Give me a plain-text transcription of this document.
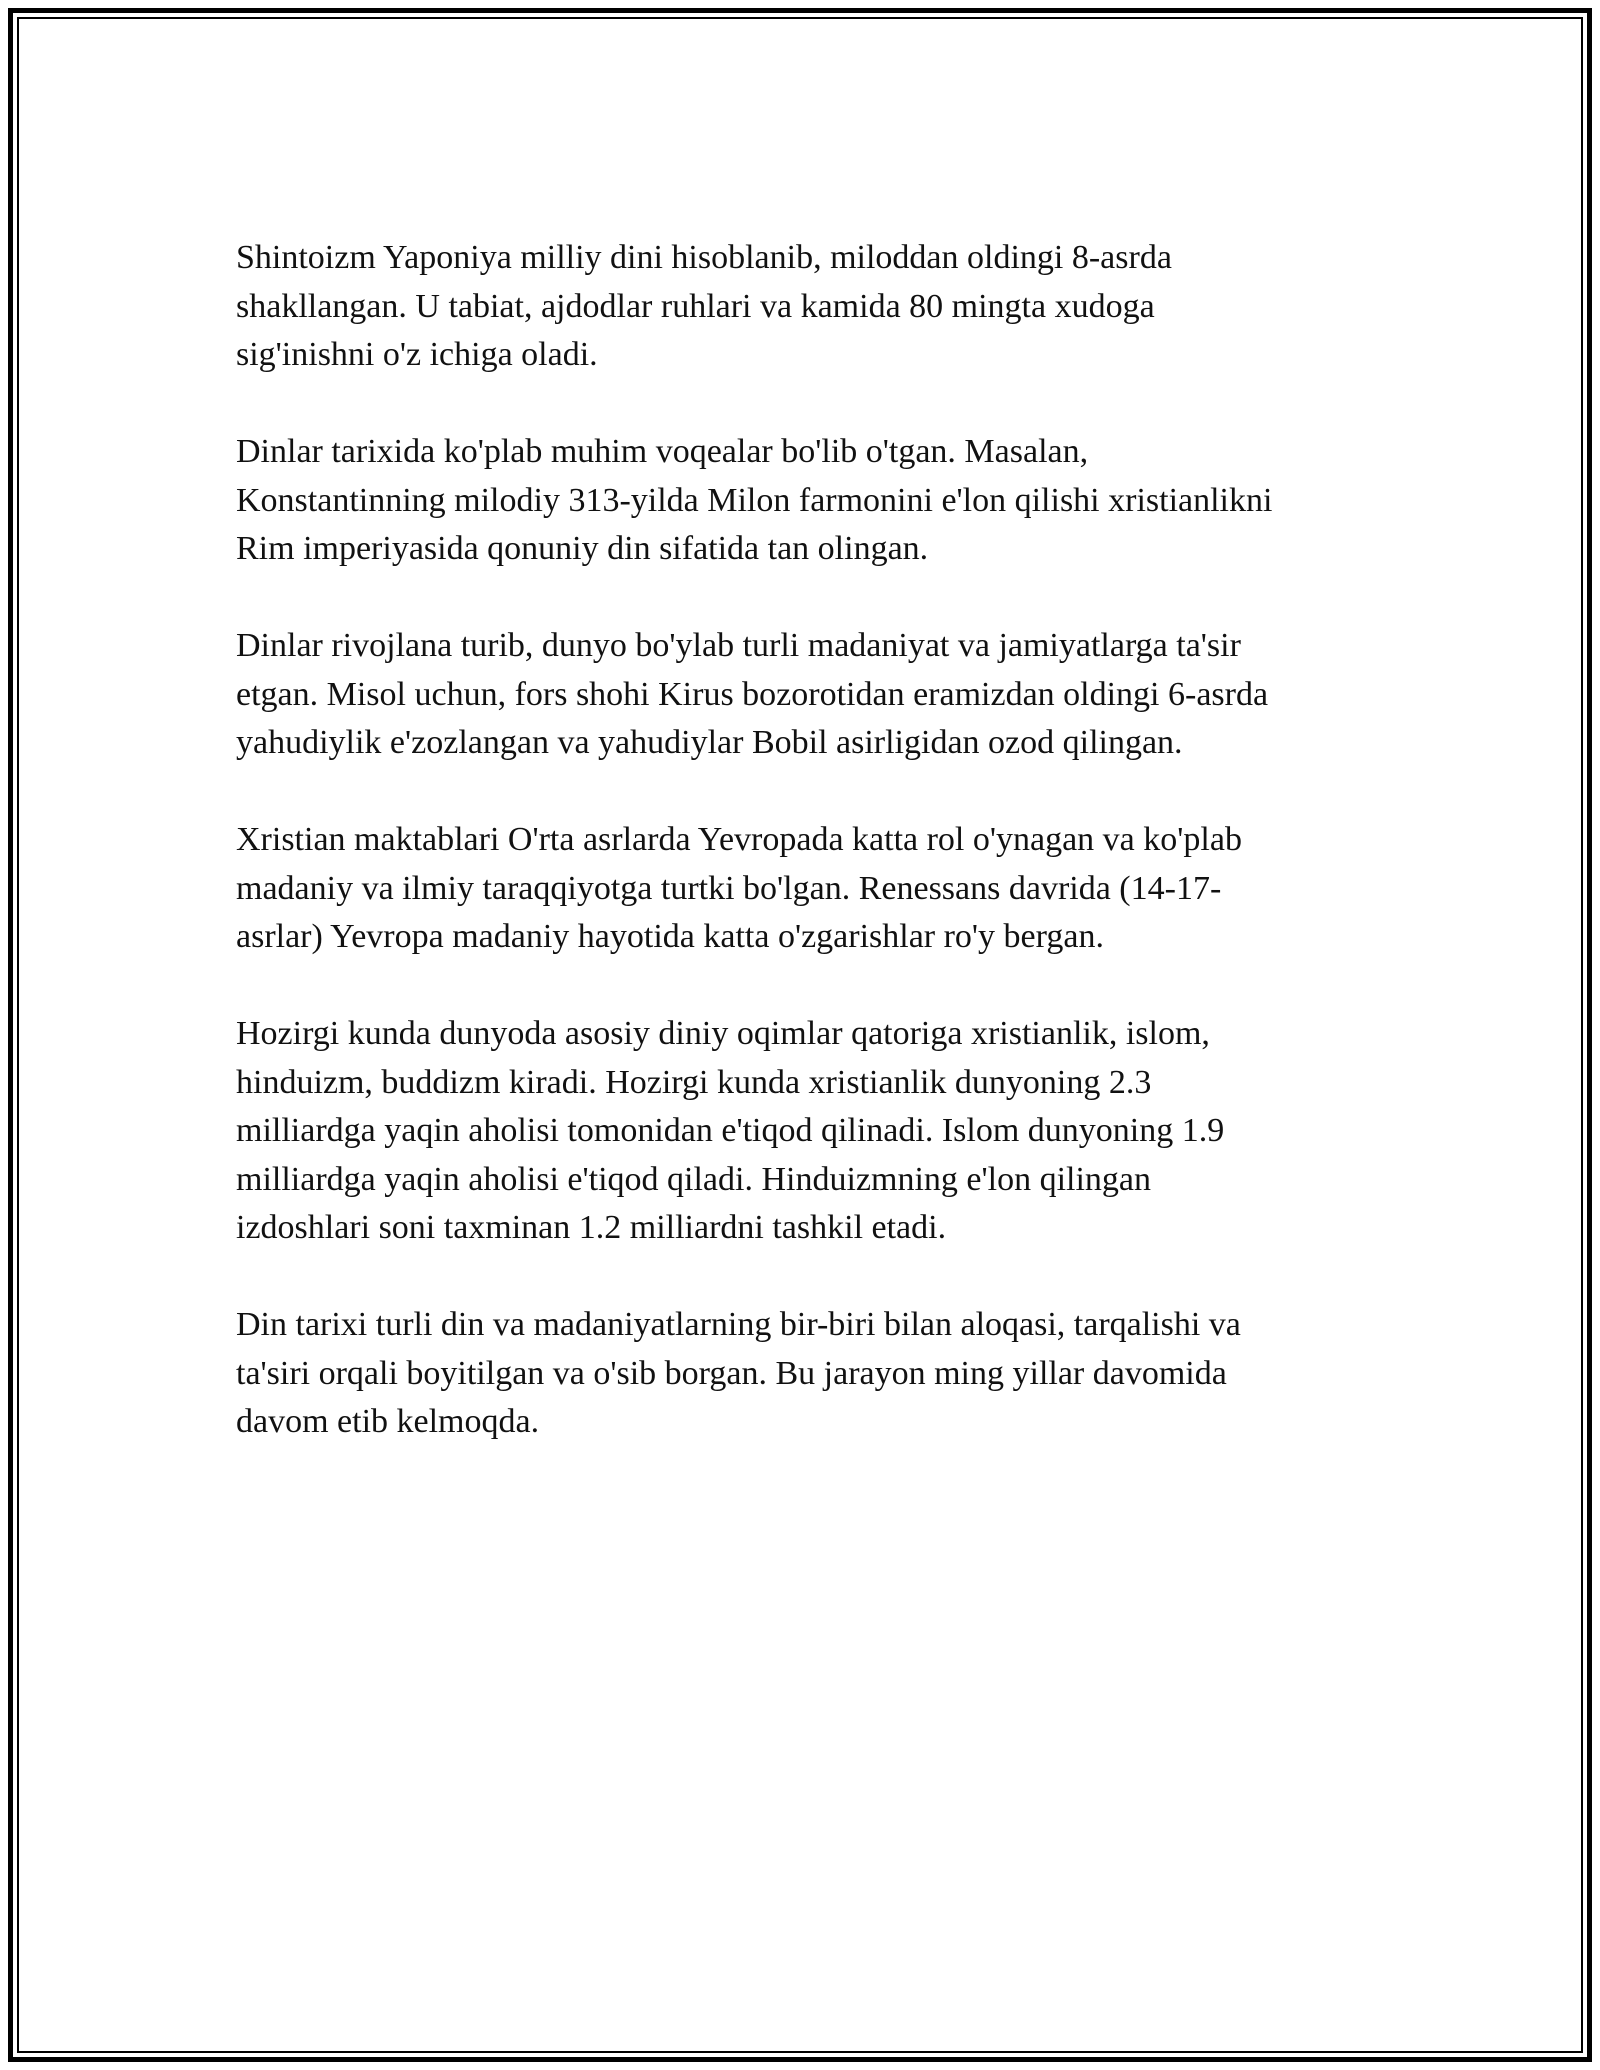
Shintoizm Yaponiya milliy dini hisoblanib, miloddan oldingi 8-asrda
shakllangan. U tabiat, ajdodlar ruhlari va kamida 80 mingta xudoga
sig'inishni o'z ichiga oladi.

Dinlar tarixida ko'plab muhim voqealar bo'lib o'tgan. Masalan,
Konstantinning milodiy 313-yilda Milon farmonini e'lon qilishi xristianlikni
Rim imperiyasida qonuniy din sifatida tan olingan.

Dinlar rivojlana turib, dunyo bo'ylab turli madaniyat va jamiyatlarga ta'sir
etgan. Misol uchun, fors shohi Kirus bozorotidan eramizdan oldingi 6-asrda
yahudiylik e'zozlangan va yahudiylar Bobil asirligidan ozod qilingan.

Xristian maktablari O'rta asrlarda Yevropada katta rol o'ynagan va ko'plab
madaniy va ilmiy taraqqiyotga turtki bo'lgan. Renessans davrida (14-17-
asrlar) Yevropa madaniy hayotida katta o'zgarishlar ro'y bergan.

Hozirgi kunda dunyoda asosiy diniy oqimlar qatoriga xristianlik, islom,
hinduizm, buddizm kiradi. Hozirgi kunda xristianlik dunyoning 2.3
milliardga yaqin aholisi tomonidan e'tiqod qilinadi. Islom dunyoning 1.9
milliardga yaqin aholisi e'tiqod qiladi. Hinduizmning e'lon qilingan
izdoshlari soni taxminan 1.2 milliardni tashkil etadi.

Din tarixi turli din va madaniyatlarning bir-biri bilan aloqasi, tarqalishi va
ta'siri orqali boyitilgan va o'sib borgan. Bu jarayon ming yillar davomida
davom etib kelmoqda.
